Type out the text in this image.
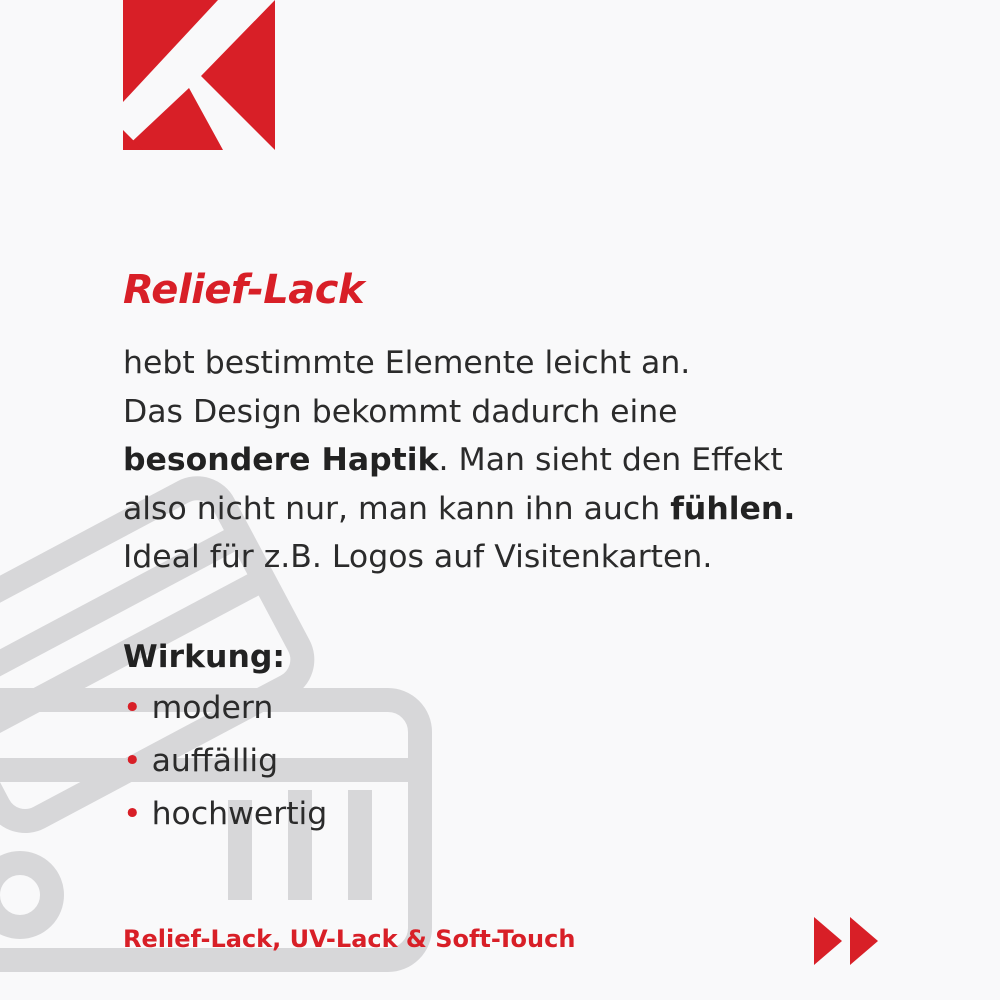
Relief-Lack
hebt bestimmte Elemente leicht an.
Das Design bekommt dadurch eine
besondere Haptik. Man sieht den Effekt
also nicht nur, man kann ihn auch fühlen.
Ideal für z.B. Logos auf Visitenkarten.
Wirkung:
• modern
• auffällig
• hochwertig
Relief-Lack, UV-Lack & Soft-Touch
